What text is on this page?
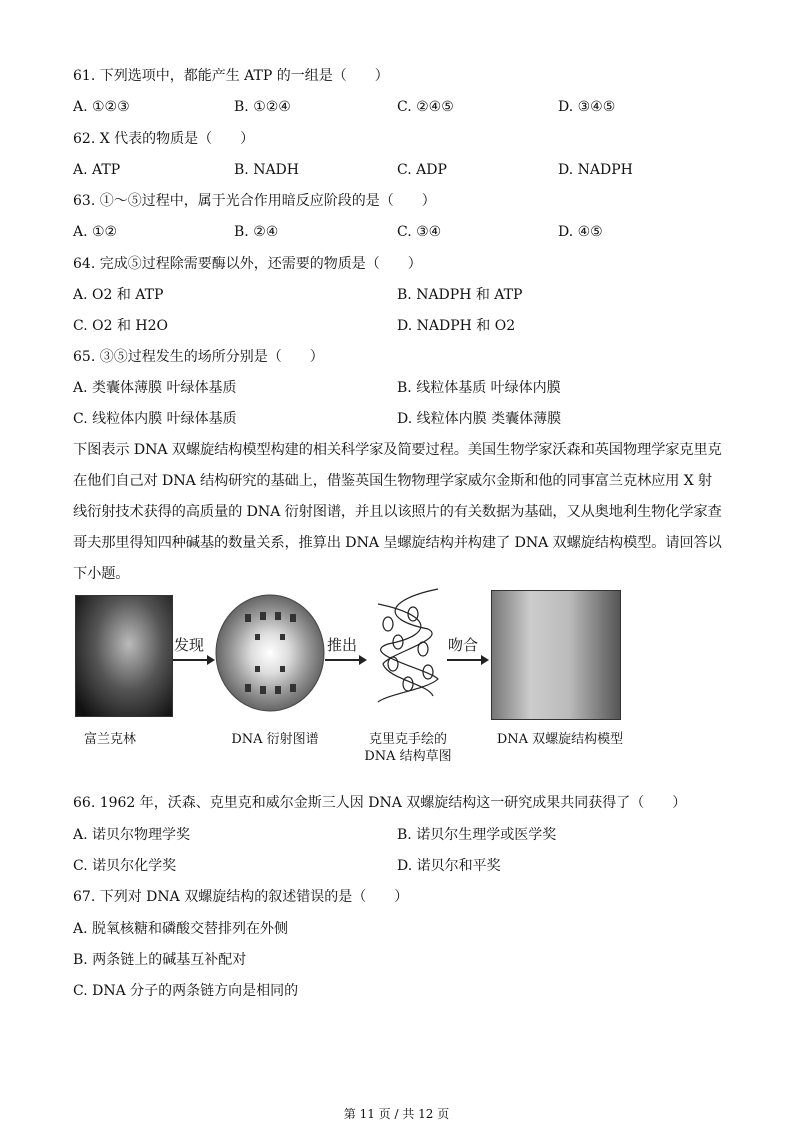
61. 下列选项中，都能产生 ATP 的一组是（　　）
A. ①②③	B. ①②④	C. ②④⑤	D. ③④⑤
62. X 代表的物质是（　　）
A. ATP	B. NADH	C. ADP	D. NADPH
63. ①～⑤过程中，属于光合作用暗反应阶段的是（　　）
A. ①②	B. ②④	C. ③④	D. ④⑤
64. 完成⑤过程除需要酶以外，还需要的物质是（　　）
A. O2 和 ATP	B. NADPH 和 ATP
C. O2 和 H2O	D. NADPH 和 O2
65. ③⑤过程发生的场所分别是（　　）
A. 类囊体薄膜 叶绿体基质	B. 线粒体基质 叶绿体内膜
C. 线粒体内膜 叶绿体基质	D. 线粒体内膜 类囊体薄膜
下图表示 DNA 双螺旋结构模型构建的相关科学家及简要过程。美国生物学家沃森和英国物理学家克里克在他们自己对 DNA 结构研究的基础上，借鉴英国生物物理学家威尔金斯和他的同事富兰克林应用 X 射线衍射技术获得的高质量的 DNA 衍射图谱，并且以该照片的有关数据为基础，又从奥地利生物化学家查哥夫那里得知四种碱基的数量关系，推算出 DNA 呈螺旋结构并构建了 DNA 双螺旋结构模型。请回答以下小题。
发现	推出	吻合
富兰克林	DNA 衍射图谱	克里克手绘的
DNA 结构草图
DNA 双螺旋结构模型
66. 1962 年，沃森、克里克和威尔金斯三人因 DNA 双螺旋结构这一研究成果共同获得了（　　）
A. 诺贝尔物理学奖	B. 诺贝尔生理学或医学奖
C. 诺贝尔化学奖	D. 诺贝尔和平奖
67. 下列对 DNA 双螺旋结构的叙述错误的是（　　）
A. 脱氧核糖和磷酸交替排列在外侧
B. 两条链上的碱基互补配对
C. DNA 分子的两条链方向是相同的
第 11 页 / 共 12 页
